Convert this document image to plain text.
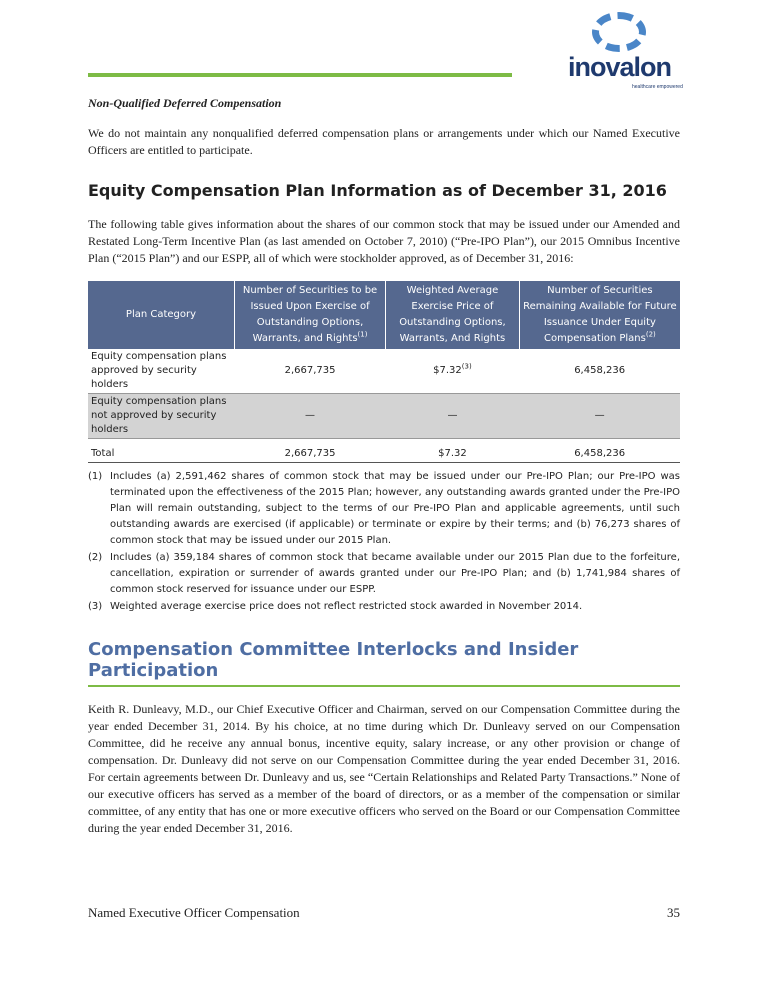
inovalon
healthcare empowered
Non-Qualified Deferred Compensation

We do not maintain any nonqualified deferred compensation plans or arrangements under which our Named Executive Officers are entitled to participate.

Equity Compensation Plan Information as of December 31, 2016

The following table gives information about the shares of our common stock that may be issued under our Amended and Restated Long-Term Incentive Plan (as last amended on October 7, 2010) (“Pre-IPO Plan”), our 2015 Omnibus Incentive Plan (“2015 Plan”) and our ESPP, all of which were stockholder approved, as of December 31, 2016:

Plan Category	Number of Securities to be Issued Upon Exercise of Outstanding Options, Warrants, and Rights$^{(1)}$	Weighted Average Exercise Price of Outstanding Options, Warrants, And Rights	Number of Securities Remaining Available for Future Issuance Under Equity Compensation Plans$^{(2)}$
Equity compensation plans approved by security holders	2,667,735	$7.32$^{(3)}$	6,458,236
Equity compensation plans not approved by security holders	—	—	—
Total	2,667,735	$7.32	6,458,236
(1) Includes (a) 2,591,462 shares of common stock that may be issued under our Pre-IPO Plan; our Pre-IPO was terminated upon the effectiveness of the 2015 Plan; however, any outstanding awards granted under the Pre-IPO Plan will remain outstanding, subject to the terms of our Pre-IPO Plan and applicable agreements, until such outstanding awards are exercised (if applicable) or terminate or expire by their terms; and (b) 76,273 shares of common stock that may be issued under our 2015 Plan.
(2) Includes (a) 359,184 shares of common stock that became available under our 2015 Plan due to the forfeiture, cancellation, expiration or surrender of awards granted under our Pre-IPO Plan; and (b) 1,741,984 shares of common stock reserved for issuance under our ESPP.
(3) Weighted average exercise price does not reflect restricted stock awarded in November 2014.
Compensation Committee Interlocks and Insider Participation

Keith R. Dunleavy, M.D., our Chief Executive Officer and Chairman, served on our Compensation Committee during the year ended December 31, 2014. By his choice, at no time during which Dr. Dunleavy served on our Compensation Committee, did he receive any annual bonus, incentive equity, salary increase, or any other provision or change of compensation. Dr. Dunleavy did not serve on our Compensation Committee during the year ended December 31, 2016. For certain agreements between Dr. Dunleavy and us, see “Certain Relationships and Related Party Transactions.” None of our executive officers has served as a member of the board of directors, or as a member of the compensation or similar committee, of any entity that has one or more executive officers who served on the Board or our Compensation Committee during the year ended December 31, 2016.

Named Executive Officer Compensation	35
